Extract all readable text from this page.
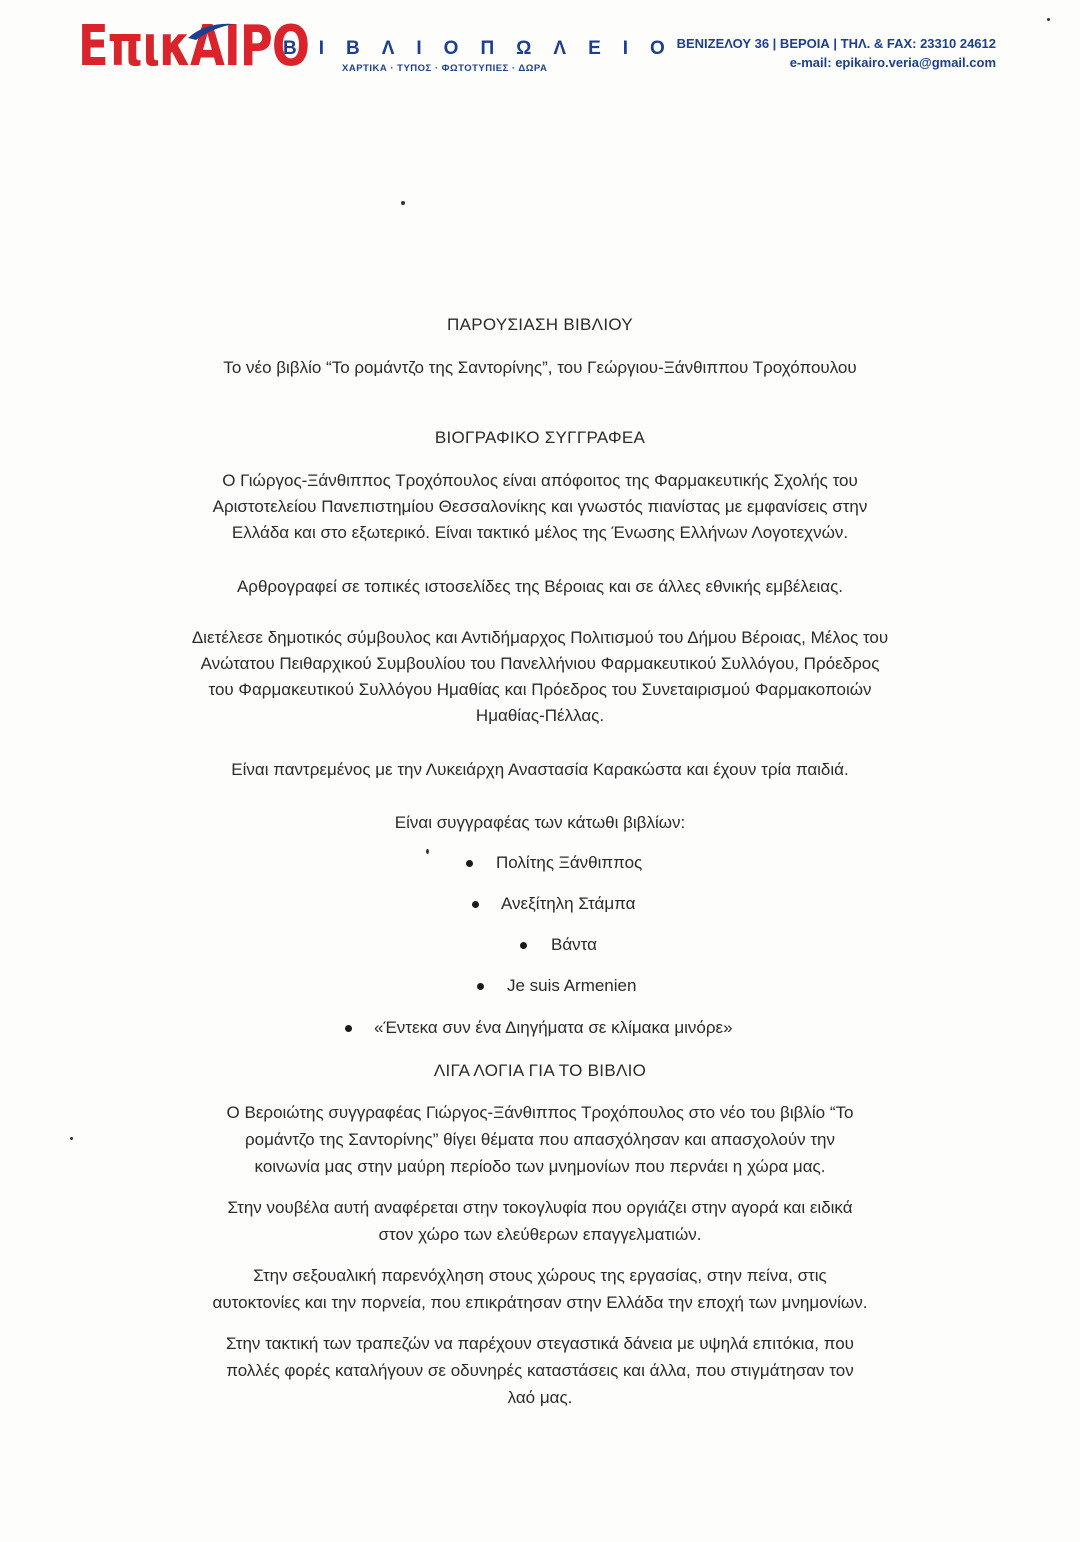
ΕπικΑΙΡΟ
ΒΙΒΛΙΟΠΩΛΕΙΟ
ΧΑΡΤΙΚΑ · ΤΥΠΟΣ · ΦΩΤΟΤΥΠΙΕΣ · ΔΩΡΑ
ΒΕΝΙΖΕΛΟΥ 36 | ΒΕΡΟΙΑ | ΤΗΛ. & FAX: 23310 24612
e-mail: epikairo.veria@gmail.com
ΠΑΡΟΥΣΙΑΣΗ ΒΙΒΛΙΟΥ
Το νέο βιβλίο “Το ρομάντζο της Σαντορίνης”, του Γεώργιου-Ξάνθιππου Τροχόπουλου
ΒΙΟΓΡΑΦΙΚΟ ΣΥΓΓΡΑΦΕΑ
Ο Γιώργος-Ξάνθιππος Τροχόπουλος είναι απόφοιτος της Φαρμακευτικής Σχολής του
Αριστοτελείου Πανεπιστημίου Θεσσαλονίκης και γνωστός πιανίστας με εμφανίσεις στην
Ελλάδα και στο εξωτερικό. Είναι τακτικό μέλος της Ένωσης Ελλήνων Λογοτεχνών.
Αρθρογραφεί σε τοπικές ιστοσελίδες της Βέροιας και σε άλλες εθνικής εμβέλειας.
Διετέλεσε δημοτικός σύμβουλος και Αντιδήμαρχος Πολιτισμού του Δήμου Βέροιας, Μέλος του
Ανώτατου Πειθαρχικού Συμβουλίου του Πανελλήνιου Φαρμακευτικού Συλλόγου, Πρόεδρος
του Φαρμακευτικού Συλλόγου Ημαθίας και Πρόεδρος του Συνεταιρισμού Φαρμακοποιών
Ημαθίας-Πέλλας.
Είναι παντρεμένος με την Λυκειάρχη Αναστασία Καρακώστα και έχουν τρία παιδιά.
Είναι συγγραφέας των κάτωθι βιβλίων:
Πολίτης Ξάνθιππος
Ανεξίτηλη Στάμπα
Βάντα
Je suis Armenien
«Έντεκα συν ένα Διηγήματα σε κλίμακα μινόρε»
ΛΙΓΑ ΛΟΓΙΑ ΓΙΑ ΤΟ ΒΙΒΛΙΟ
Ο Βεροιώτης συγγραφέας Γιώργος-Ξάνθιππος Τροχόπουλος στο νέο του βιβλίο “Το
ρομάντζο της Σαντορίνης” θίγει θέματα που απασχόλησαν και απασχολούν την
κοινωνία μας στην μαύρη περίοδο των μνημονίων που περνάει η χώρα μας.
Στην νουβέλα αυτή αναφέρεται στην τοκογλυφία που οργιάζει στην αγορά και ειδικά
στον χώρο των ελεύθερων επαγγελματιών.
Στην σεξουαλική παρενόχληση στους χώρους της εργασίας, στην πείνα, στις
αυτοκτονίες και την πορνεία, που επικράτησαν στην Ελλάδα την εποχή των μνημονίων.
Στην τακτική των τραπεζών να παρέχουν στεγαστικά δάνεια με υψηλά επιτόκια, που
πολλές φορές καταλήγουν σε οδυνηρές καταστάσεις και άλλα, που στιγμάτησαν τον
λαό μας.
